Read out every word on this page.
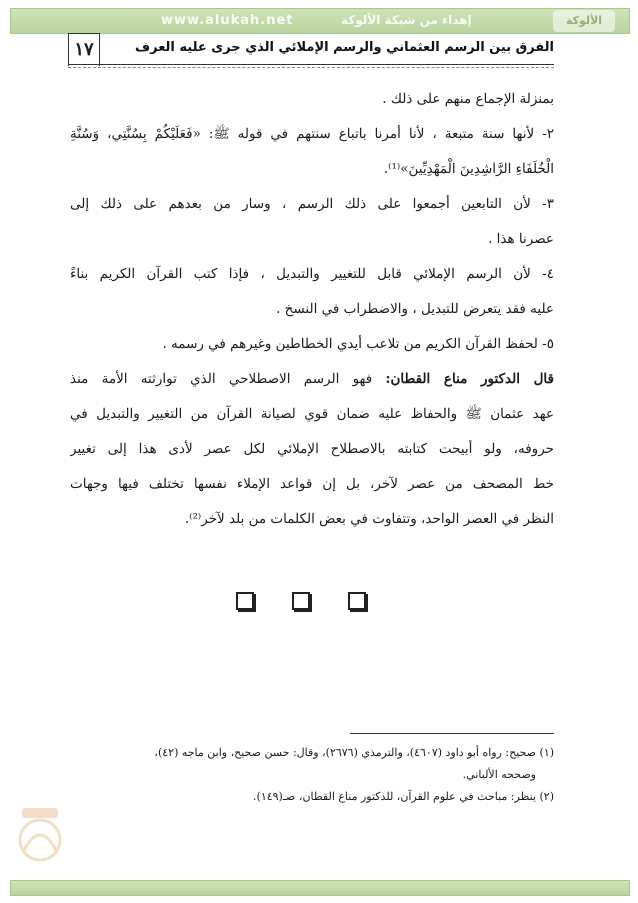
www.alukah.net	إهداء من شبكة الألوكة	الألوكة
١٧	الفرق بين الرسم العثماني والرسم الإملائي الذي جرى عليه العرف
بمنزلة الإجماع منهم على ذلك .
٢- لأنها سنة متبعة ، لأنا أمرنا باتباع سنتهم في قوله ﷺ: «فَعَلَيْكُمْ بِسُنَّتِي، وَسُنَّةِ
الْخُلَفَاءِ الرَّاشِدِينَ الْمَهْدِيِّينَ»⁽¹⁾.
٣- لأن التابعين أجمعوا على ذلك الرسم ، وسار من بعدهم على ذلك إلى
عصرنا هذا .
٤- لأن الرسم الإملائي قابل للتغيير والتبديل ، فإذا كتب القرآن الكريم بناءً
عليه فقد يتعرض للتبديل ، والاضطراب في النسخ .
٥- لحفظ القرآن الكريم من تلاعب أيدي الخطاطين وغيرهم في رسمه .
قال الدكتور مناع القطان: فهو الرسم الاصطلاحي الذي توارثته الأمة منذ
عهد عثمان ﷺ والحفاظ عليه ضمان قوي لصيانة القرآن من التغيير والتبديل في
حروفه، ولو أبيحت كتابته بالاصطلاح الإملائي لكل عصر لأدى هذا إلى تغيير
خط المصحف من عصر لآخر، بل إن قواعد الإملاء نفسها تختلف فيها وجهات
النظر في العصر الواحد، وتتفاوت في بعض الكلمات من بلد لآخر⁽²⁾.
(١) صحيح: رواه أبو داود (٤٦٠٧)، والترمذي (٢٦٧٦)، وقال: حسن صحيح، وابن ماجه (٤٢)،
وصححه الألباني.
(٢) ينظر: مباحث في علوم القرآن، للدكتور مناع القطان، صـ(١٤٩).
